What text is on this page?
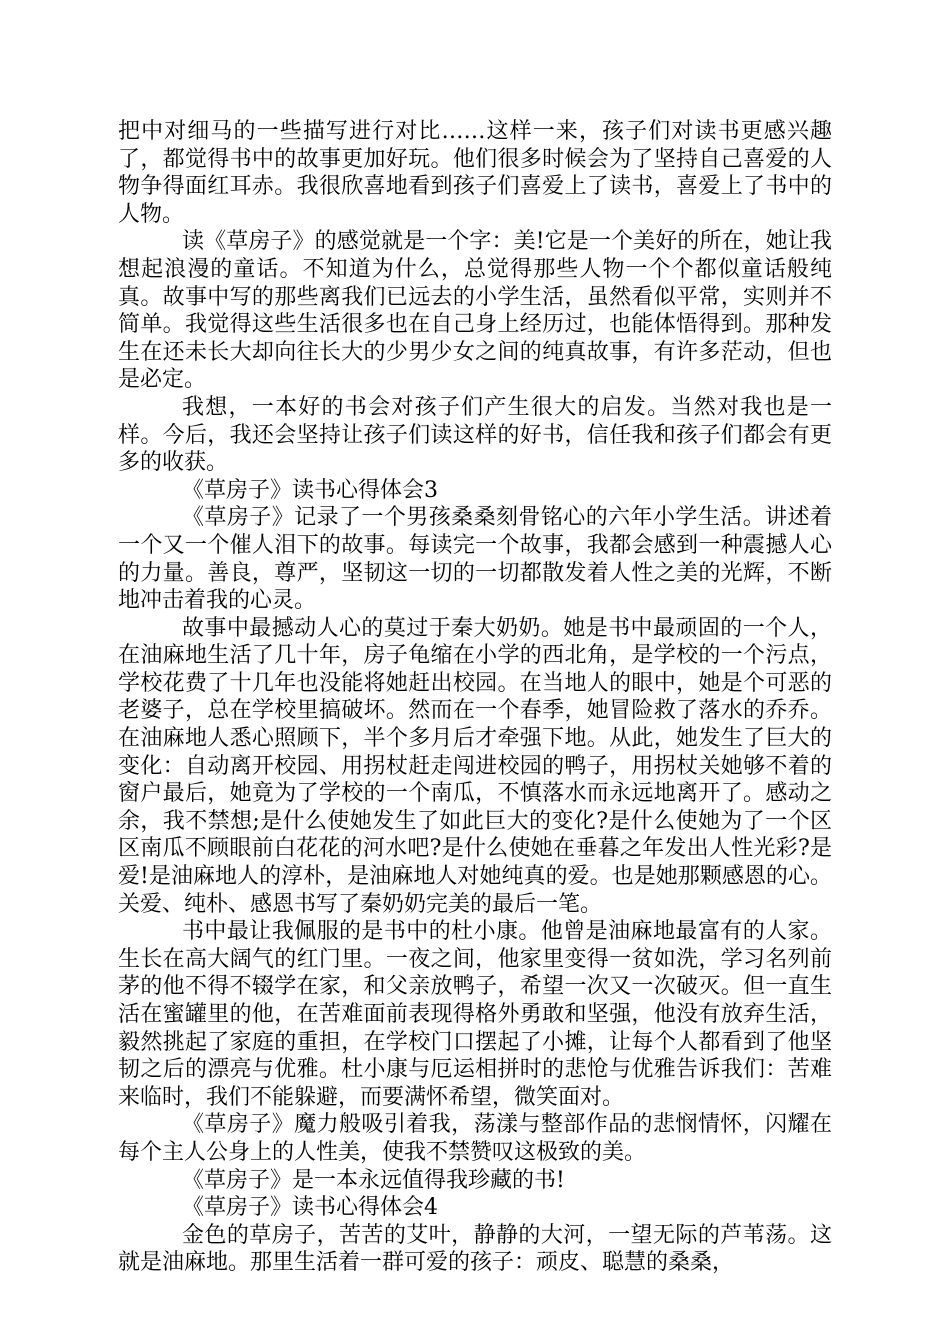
把中对细马的一些描写进行对比……这样一来，孩子们对读书更感兴趣了，都觉得书中的故事更加好玩。他们很多时候会为了坚持自己喜爱的人物争得面红耳赤。我很欣喜地看到孩子们喜爱上了读书，喜爱上了书中的人物。

读《草房子》的感觉就是一个字：美!它是一个美好的所在，她让我想起浪漫的童话。不知道为什么，总觉得那些人物一个个都似童话般纯真。故事中写的那些离我们已远去的小学生活，虽然看似平常，实则并不简单。我觉得这些生活很多也在自己身上经历过，也能体悟得到。那种发生在还未长大却向往长大的少男少女之间的纯真故事，有许多茫动，但也是必定。

我想，一本好的书会对孩子们产生很大的启发。当然对我也是一样。今后，我还会坚持让孩子们读这样的好书，信任我和孩子们都会有更多的收获。

《草房子》读书心得体会3

《草房子》记录了一个男孩桑桑刻骨铭心的六年小学生活。讲述着一个又一个催人泪下的故事。每读完一个故事，我都会感到一种震撼人心的力量。善良，尊严，坚韧这一切的一切都散发着人性之美的光辉，不断地冲击着我的心灵。

故事中最撼动人心的莫过于秦大奶奶。她是书中最顽固的一个人，在油麻地生活了几十年，房子龟缩在小学的西北角，是学校的一个污点，学校花费了十几年也没能将她赶出校园。在当地人的眼中，她是个可恶的老婆子，总在学校里搞破坏。然而在一个春季，她冒险救了落水的乔乔。在油麻地人悉心照顾下，半个多月后才牵强下地。从此，她发生了巨大的变化：自动离开校园、用拐杖赶走闯进校园的鸭子，用拐杖关她够不着的窗户最后，她竟为了学校的一个南瓜，不慎落水而永远地离开了。感动之余，我不禁想;是什么使她发生了如此巨大的变化?是什么使她为了一个区区南瓜不顾眼前白花花的河水吧?是什么使她在垂暮之年发出人性光彩?是爱!是油麻地人的淳朴，是油麻地人对她纯真的爱。也是她那颗感恩的心。关爱、纯朴、感恩书写了秦奶奶完美的最后一笔。

书中最让我佩服的是书中的杜小康。他曾是油麻地最富有的人家。生长在高大阔气的红门里。一夜之间，他家里变得一贫如洗，学习名列前茅的他不得不辍学在家，和父亲放鸭子，希望一次又一次破灭。但一直生活在蜜罐里的他，在苦难面前表现得格外勇敢和坚强，他没有放弃生活，毅然挑起了家庭的重担，在学校门口摆起了小摊，让每个人都看到了他坚韧之后的漂亮与优雅。杜小康与厄运相拼时的悲怆与优雅告诉我们：苦难来临时，我们不能躲避，而要满怀希望，微笑面对。

《草房子》魔力般吸引着我，荡漾与整部作品的悲悯情怀，闪耀在每个主人公身上的人性美，使我不禁赞叹这极致的美。

《草房子》是一本永远值得我珍藏的书!

《草房子》读书心得体会4

金色的草房子，苦苦的艾叶，静静的大河，一望无际的芦苇荡。这就是油麻地。那里生活着一群可爱的孩子：顽皮、聪慧的桑桑，
